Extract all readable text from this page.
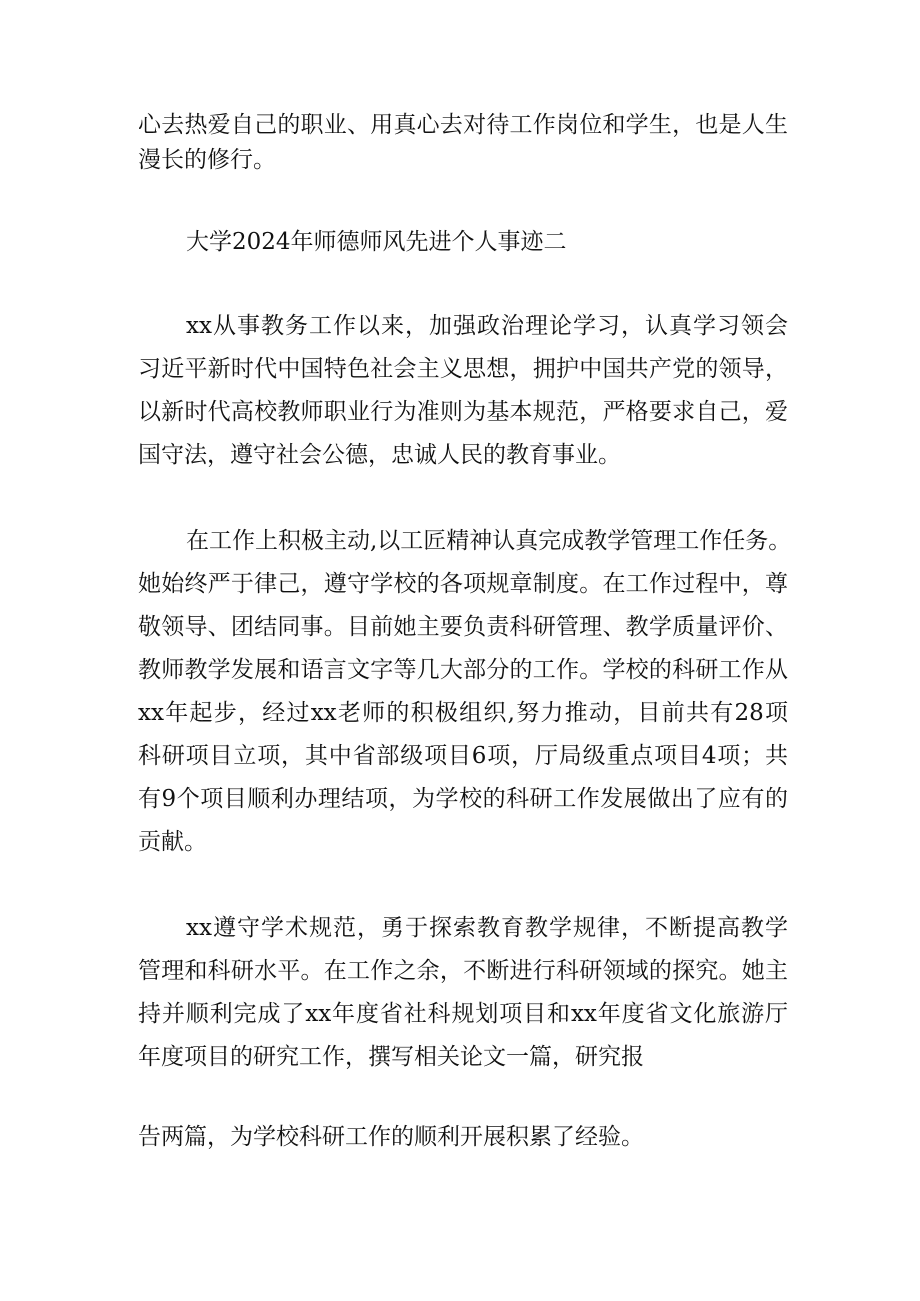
心去热爱自己的职业、用真心去对待工作岗位和学生，也是人生
漫长的修行。
大学2024年师德师风先进个人事迹二
xx从事教务工作以来，加强政治理论学习，认真学习领会
习近平新时代中国特色社会主义思想，拥护中国共产党的领导，
以新时代高校教师职业行为准则为基本规范，严格要求自己，爱
国守法，遵守社会公德，忠诚人民的教育事业。
在工作上积极主动,以工匠精神认真完成教学管理工作任务。
她始终严于律己，遵守学校的各项规章制度。在工作过程中，尊
敬领导、团结同事。目前她主要负责科研管理、教学质量评价、
教师教学发展和语言文字等几大部分的工作。学校的科研工作从
xx年起步，经过xx老师的积极组织,努力推动，目前共有28项
科研项目立项，其中省部级项目6项，厅局级重点项目4项；共
有9个项目顺利办理结项，为学校的科研工作发展做出了应有的
贡献。
xx遵守学术规范，勇于探索教育教学规律，不断提高教学
管理和科研水平。在工作之余，不断进行科研领域的探究。她主
持并顺利完成了xx年度省社科规划项目和xx年度省文化旅游厅
年度项目的研究工作，撰写相关论文一篇，研究报
告两篇，为学校科研工作的顺利开展积累了经验。
